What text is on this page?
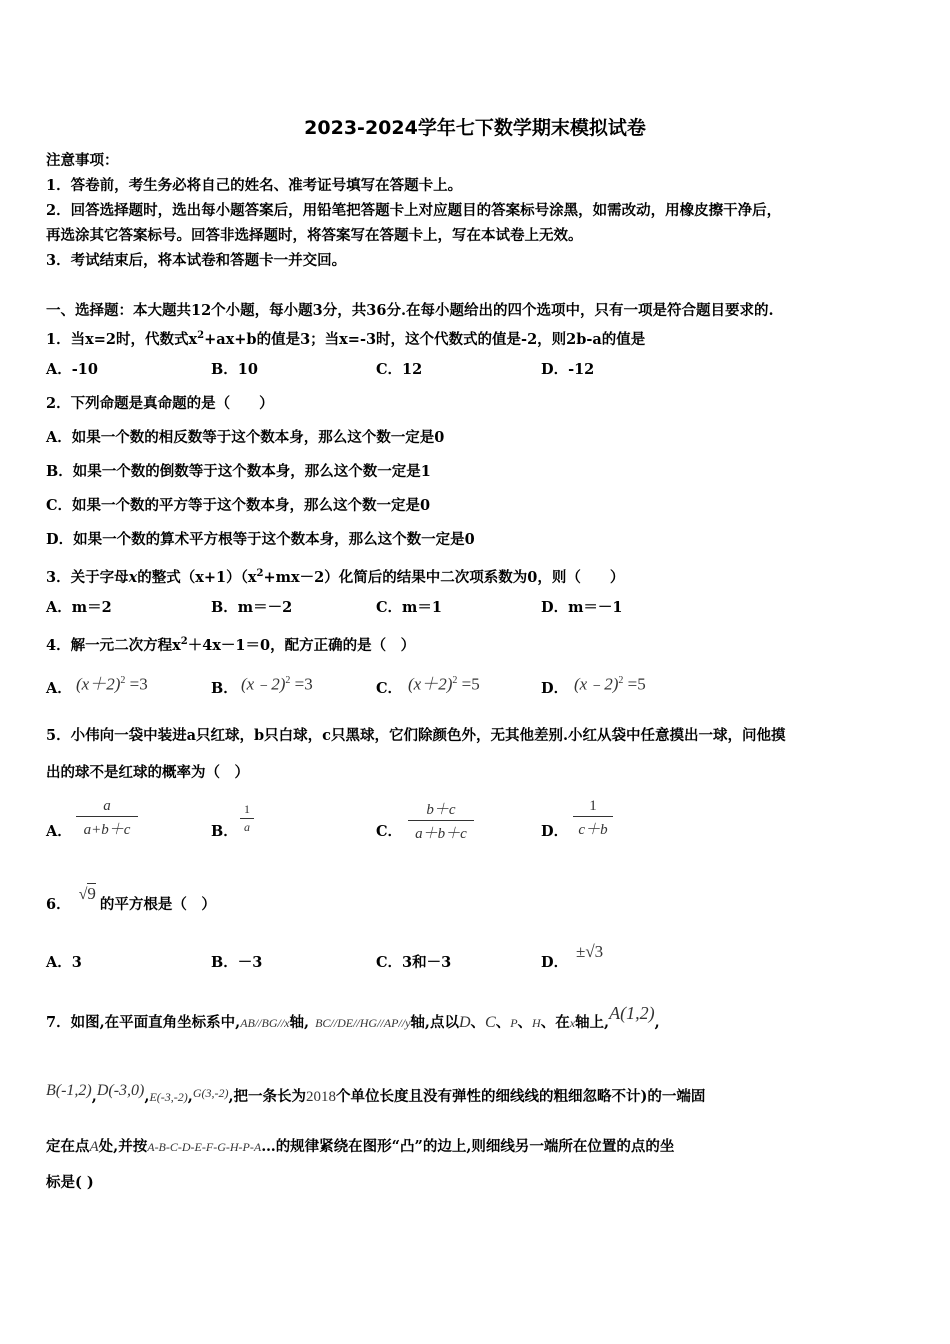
2023-2024学年七下数学期末模拟试卷
注意事项：
1．答卷前，考生务必将自己的姓名、准考证号填写在答题卡上。
2．回答选择题时，选出每小题答案后，用铅笔把答题卡上对应题目的答案标号涂黑，如需改动，用橡皮擦干净后，
再选涂其它答案标号。回答非选择题时，将答案写在答题卡上，写在本试卷上无效。
3．考试结束后，将本试卷和答题卡一并交回。
一、选择题：本大题共12个小题，每小题3分，共36分.在每小题给出的四个选项中，只有一项是符合题目要求的.
1．当x=2时，代数式$x^2+ax+b$的值是3；当x=-3时，这个代数式的值是-2，则2b-a的值是
A．-10	B．10	C．12	D．-12
2．下列命题是真命题的是（　　）
A．如果一个数的相反数等于这个数本身，那么这个数一定是0
B．如果一个数的倒数等于这个数本身，那么这个数一定是1
C．如果一个数的平方等于这个数本身，那么这个数一定是0
D．如果一个数的算术平方根等于这个数本身，那么这个数一定是0
3．关于字母x的整式$(x+1)(x^2+mx-2)$化简后的结果中二次项系数为0，则（　　）
A．m＝2	B．m＝－2	C．m＝1	D．m＝－1
4．解一元二次方程$x^2+4x-1=0$，配方正确的是（　）
A． $(x+2)^2 =3$	B． (x﹣2)$^2$ =3	C． $(x+2)^2 =5$	D． (x﹣2)$^2$ =5
5．小伟向一袋中装进a只红球，b只白球，c只黑球，它们除颜色外，无其他差别.小红从袋中任意摸出一球，问他摸
出的球不是红球的概率为（　）
A．
a
a+b＋c	B．
1
a	C．
b＋c
a＋b＋c	D．
1
c＋b
6．√9的平方根是（　）
A．3	B．－3	C．3和－3	D．
±√3
7．如图,在平面直角坐标系中,AB//BG//x轴, BC//DE//HG//AP//y轴,点以D、C、P、H、在x轴上,A(1,2),
B(-1,2),D(-3,0),E(-3,-2),$^{G(3,-2)}$,把一条长为2018个单位长度且没有弹性的细线线的粗细忽略不计)的一端固
定在点A处,并按A-B-C-D-E-F-G-H-P-A…的规律紧绕在图形“凸”的边上,则细线另一端所在位置的点的坐
标是( )
